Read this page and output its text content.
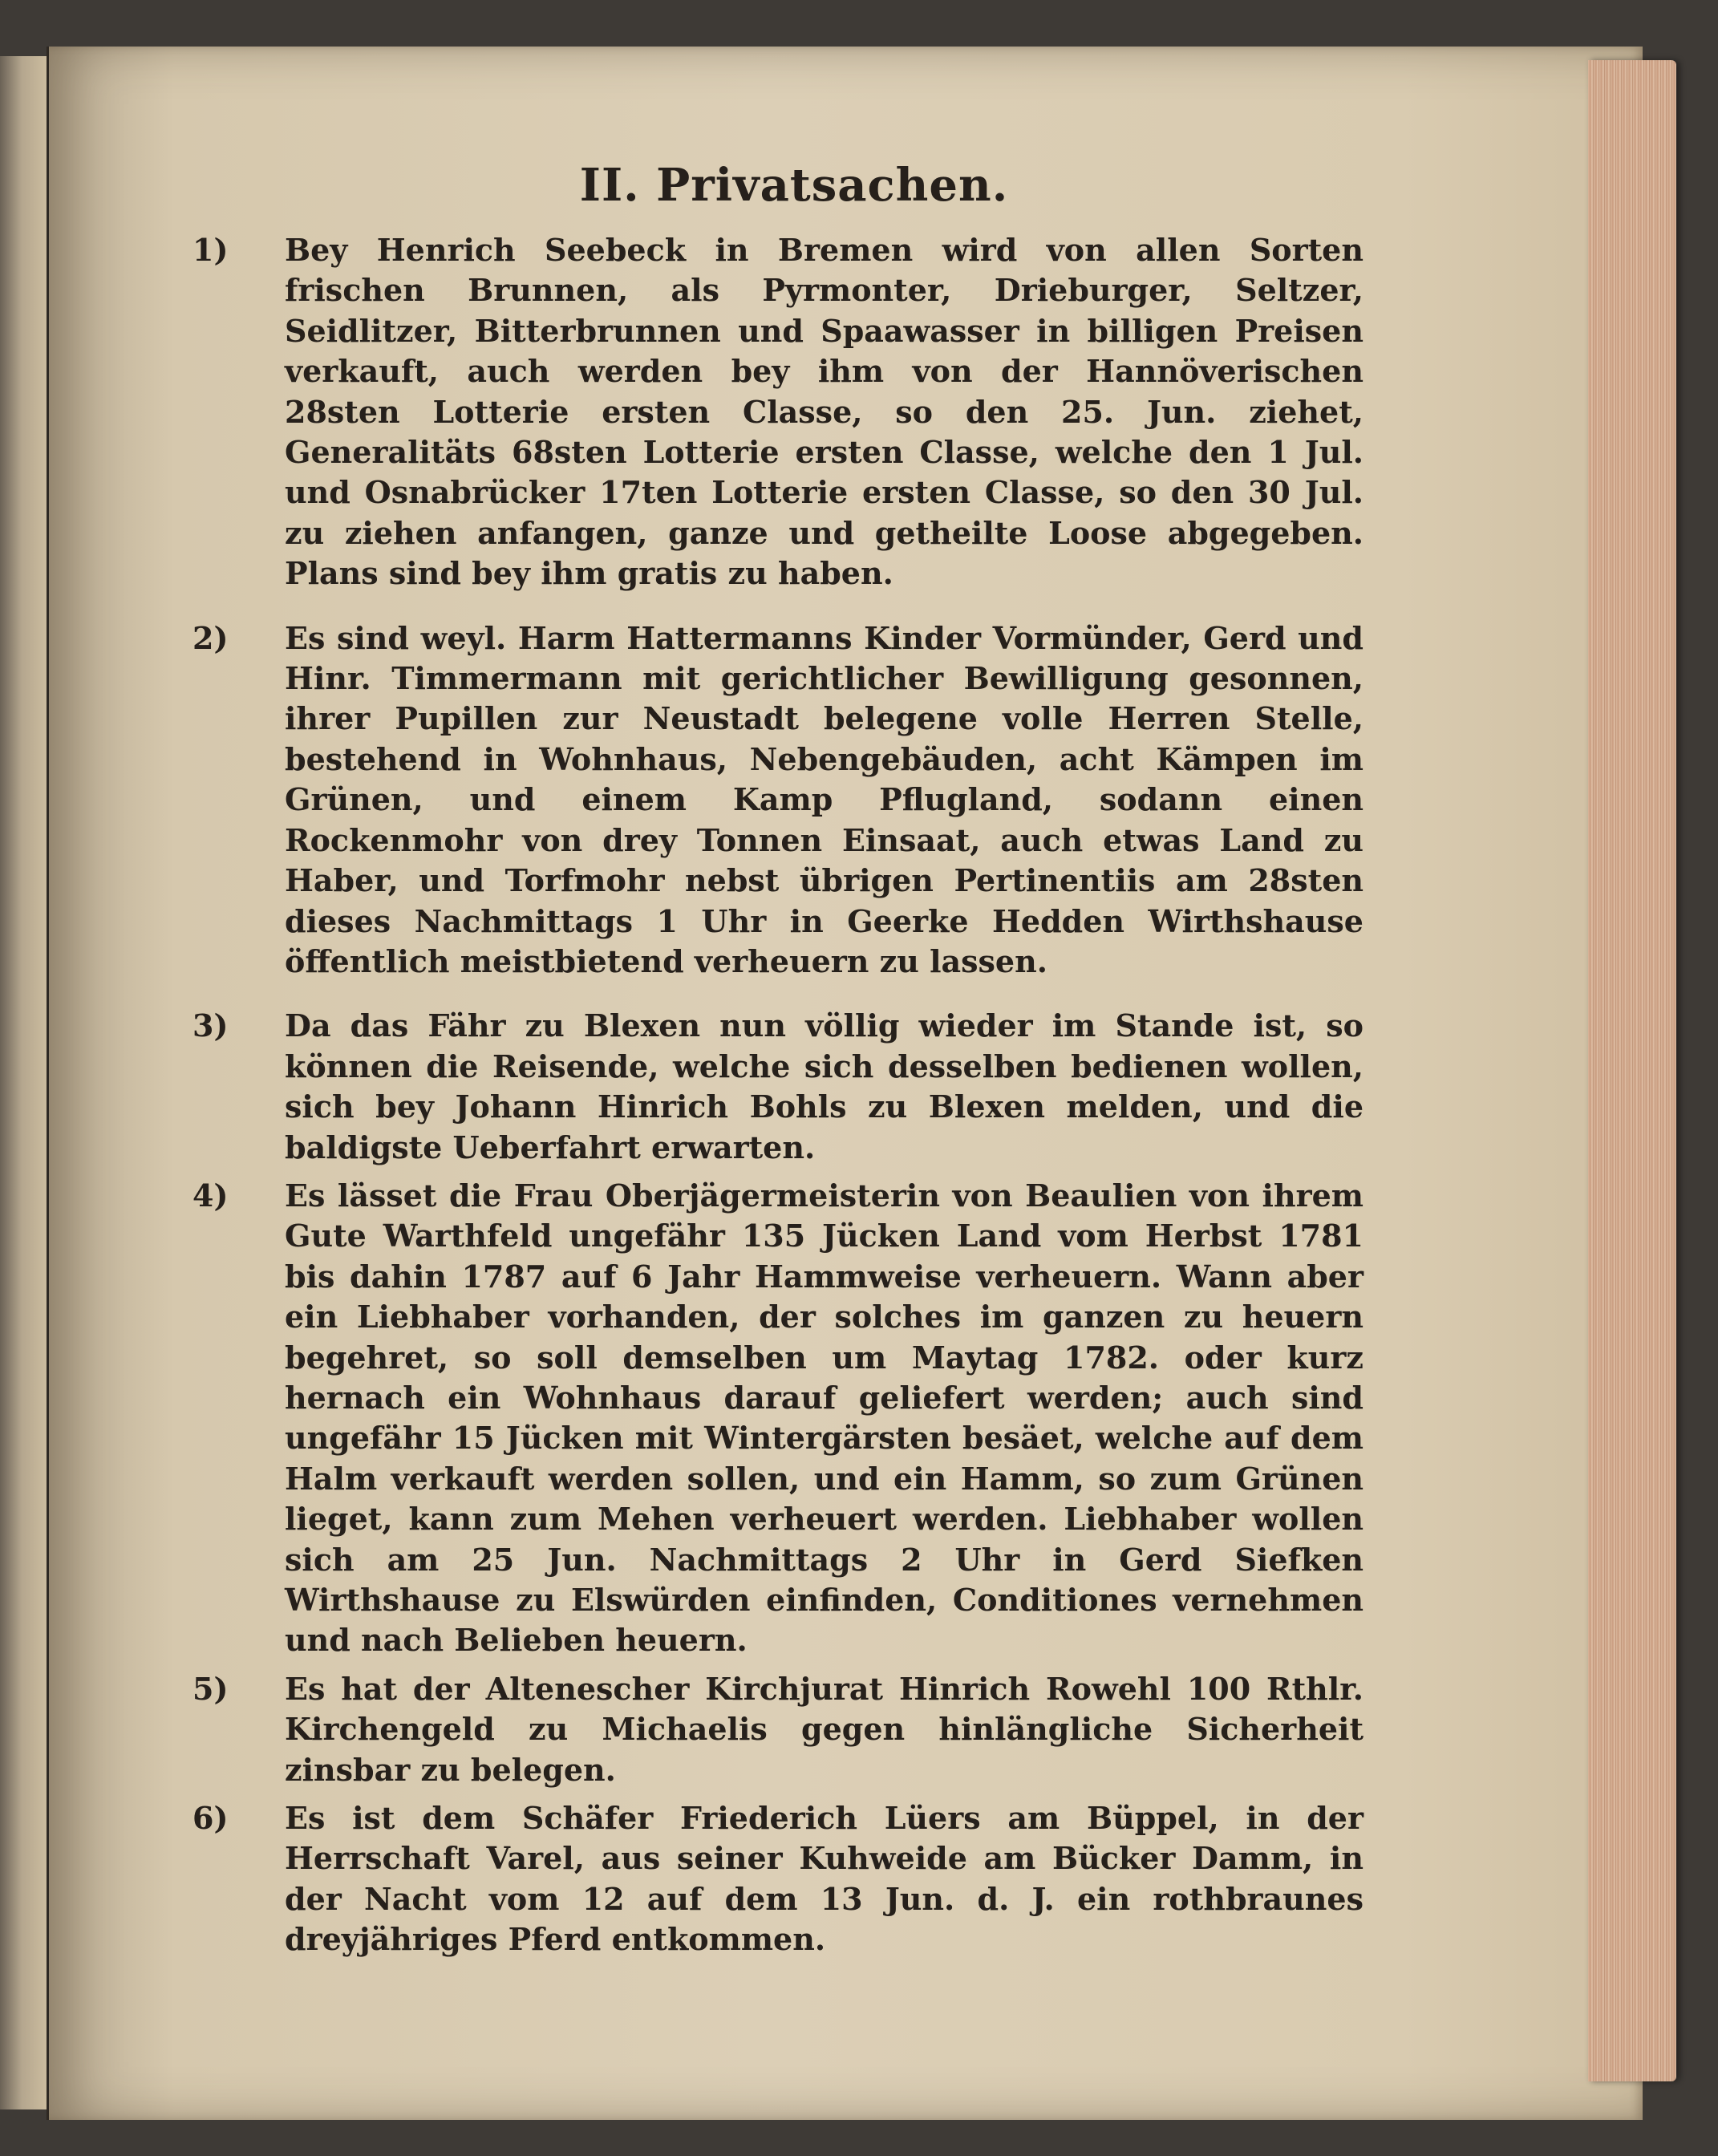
II. Privatsachen.
1) Bey Henrich Seebeck in Bremen wird von allen Sorten frischen Brunnen, als Pyrmonter, Drieburger, Seltzer, Seidlitzer, Bitterbrunnen und Spaawasser in billigen Preisen verkauft, auch werden bey ihm von der Hannöverischen 28sten Lotterie ersten Classe, so den 25. Jun. ziehet, Generalitäts 68sten Lotterie ersten Classe, welche den 1 Jul. und Osnabrücker 17ten Lotterie ersten Classe, so den 30 Jul. zu ziehen anfangen, ganze und getheilte Loose abgegeben. Plans sind bey ihm gratis zu haben.
2) Es sind weyl. Harm Hattermanns Kinder Vormünder, Gerd und Hinr. Timmermann mit gerichtlicher Bewilligung gesonnen, ihrer Pupillen zur Neustadt belegene volle Herren Stelle, bestehend in Wohnhaus, Nebengebäuden, acht Kämpen im Grünen, und einem Kamp Pflugland, sodann einen Rockenmohr von drey Tonnen Einsaat, auch etwas Land zu Haber, und Torfmohr nebst übrigen Pertinentiis am 28sten dieses Nachmittags 1 Uhr in Geerke Hedden Wirthshause öffentlich meistbietend verheuern zu lassen.
3) Da das Fähr zu Blexen nun völlig wieder im Stande ist, so können die Reisende, welche sich desselben bedienen wollen, sich bey Johann Hinrich Bohls zu Blexen melden, und die baldigste Ueberfahrt erwarten.
4) Es lässet die Frau Oberjägermeisterin von Beaulien von ihrem Gute Warthfeld ungefähr 135 Jücken Land vom Herbst 1781 bis dahin 1787 auf 6 Jahr Hammweise verheuern. Wann aber ein Liebhaber vorhanden, der solches im ganzen zu heuern begehret, so soll demselben um Maytag 1782. oder kurz hernach ein Wohnhaus darauf geliefert werden; auch sind ungefähr 15 Jücken mit Wintergärsten besäet, welche auf dem Halm verkauft werden sollen, und ein Hamm, so zum Grünen lieget, kann zum Mehen verheuert werden. Liebhaber wollen sich am 25 Jun. Nachmittags 2 Uhr in Gerd Siefken Wirthshause zu Elswürden einfinden, Conditiones vernehmen und nach Belieben heuern.
5) Es hat der Altenescher Kirchjurat Hinrich Rowehl 100 Rthlr. Kirchengeld zu Michaelis gegen hinlängliche Sicherheit zinsbar zu belegen.
6) Es ist dem Schäfer Friederich Lüers am Büppel, in der Herrschaft Varel, aus seiner Kuhweide am Bücker Damm, in der Nacht vom 12 auf dem 13 Jun. d. J. ein rothbraunes dreyjähriges Pferd entkommen.
